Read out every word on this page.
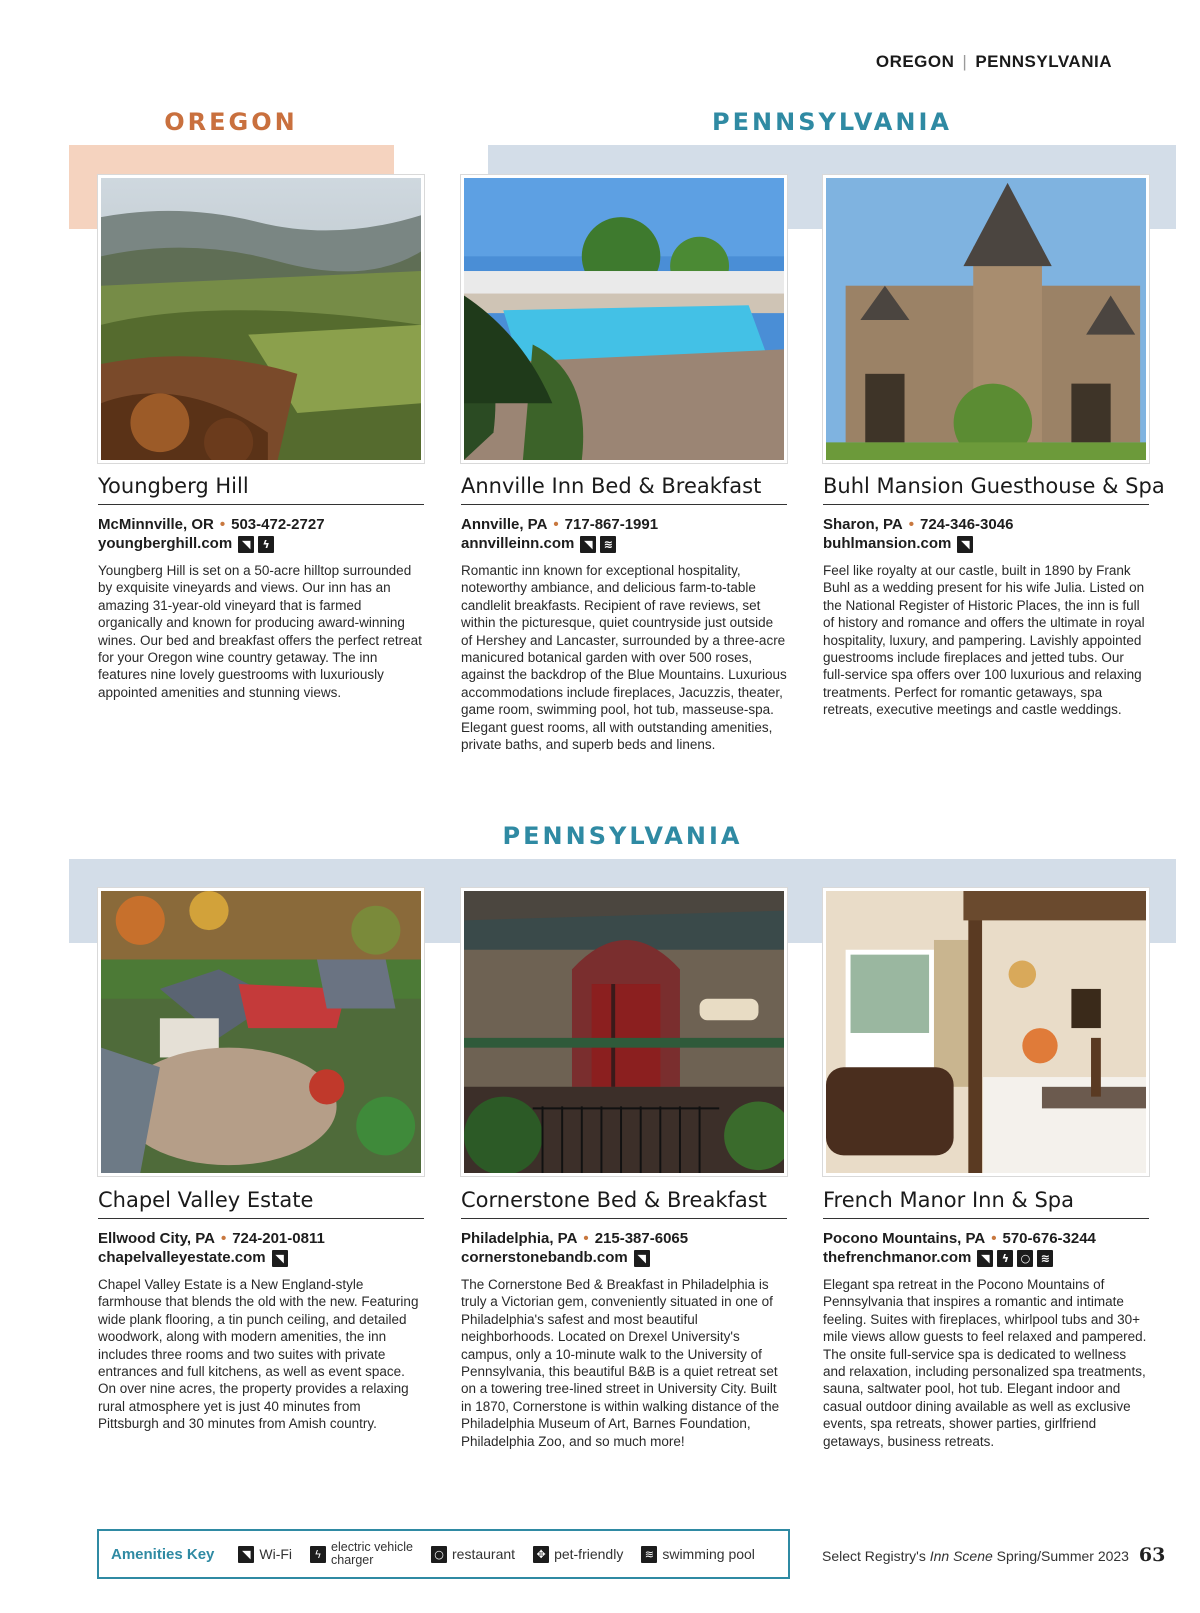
OREGON | PENNSYLVANIA
OREGON	PENNSYLVANIA
PENNSYLVANIA
Youngberg Hill
McMinnville, OR • 503-472-2727
youngberghill.com ◥	ϟ

Youngberg Hill is set on a 50-acre hilltop surrounded by exquisite vineyards and views. Our inn has an amazing 31-year-old vineyard that is farmed organically and known for producing award-winning wines. Our bed and breakfast offers the perfect retreat for your Oregon wine country getaway. The inn features nine lovely guestrooms with luxuriously appointed amenities and stunning views.

Annville Inn Bed & Breakfast
Annville, PA • 717-867-1991
annvilleinn.com ◥	≋

Romantic inn known for exceptional hospitality, noteworthy ambiance, and delicious farm-to-table candlelit breakfasts. Recipient of rave reviews, set within the picturesque, quiet countryside just outside of Hershey and Lancaster, surrounded by a three-acre manicured botanical garden with over 500 roses, against the backdrop of the Blue Mountains. Luxurious accommodations include fireplaces, Jacuzzis, theater, game room, swimming pool, hot tub, masseuse-spa. Elegant guest rooms, all with outstanding amenities, private baths, and superb beds and linens.

Buhl Mansion Guesthouse & Spa
Sharon, PA • 724-346-3046
buhlmansion.com ◥

Feel like royalty at our castle, built in 1890 by Frank Buhl as a wedding present for his wife Julia. Listed on the National Register of Historic Places, the inn is full of history and romance and offers the ultimate in royal hospitality, luxury, and pampering. Lavishly appointed guestrooms include fireplaces and jetted tubs. Our full-service spa offers over 100 luxurious and relaxing treatments. Perfect for romantic getaways, spa retreats, executive meetings and castle weddings.

Chapel Valley Estate
Ellwood City, PA • 724-201-0811
chapelvalleyestate.com ◥

Chapel Valley Estate is a New England-style farmhouse that blends the old with the new. Featuring wide plank flooring, a tin punch ceiling, and detailed woodwork, along with modern amenities, the inn includes three rooms and two suites with private entrances and full kitchens, as well as event space. On over nine acres, the property provides a relaxing rural atmosphere yet is just 40 minutes from Pittsburgh and 30 minutes from Amish country.

Cornerstone Bed & Breakfast
Philadelphia, PA • 215-387-6065
cornerstonebandb.com ◥

The Cornerstone Bed & Breakfast in Philadelphia is truly a Victorian gem, conveniently situated in one of Philadelphia's safest and most beautiful neighborhoods. Located on Drexel University's campus, only a 10-minute walk to the University of Pennsylvania, this beautiful B&B is a quiet retreat set on a towering tree-lined street in University City. Built in 1870, Cornerstone is within walking distance of the Philadelphia Museum of Art, Barnes Foundation, Philadelphia Zoo, and so much more!

French Manor Inn & Spa
Pocono Mountains, PA • 570-676-3244
thefrenchmanor.com ◥	ϟ	○ ≋

Elegant spa retreat in the Pocono Mountains of Pennsylvania that inspires a romantic and intimate feeling. Suites with fireplaces, whirlpool tubs and 30+ mile views allow guests to feel relaxed and pampered. The onsite full-service spa is dedicated to wellness and relaxation, including personalized spa treatments, sauna, saltwater pool, hot tub. Elegant indoor and casual outdoor dining available as well as exclusive events, spa retreats, shower parties, girlfriend getaways, business retreats.

Amenities Key	◥ Wi-Fi	ϟ electric vehicle
charger	○ restaurant	✥ pet-friendly	≋ swimming pool	Select Registry's Inn Scene Spring/Summer 2023 63
